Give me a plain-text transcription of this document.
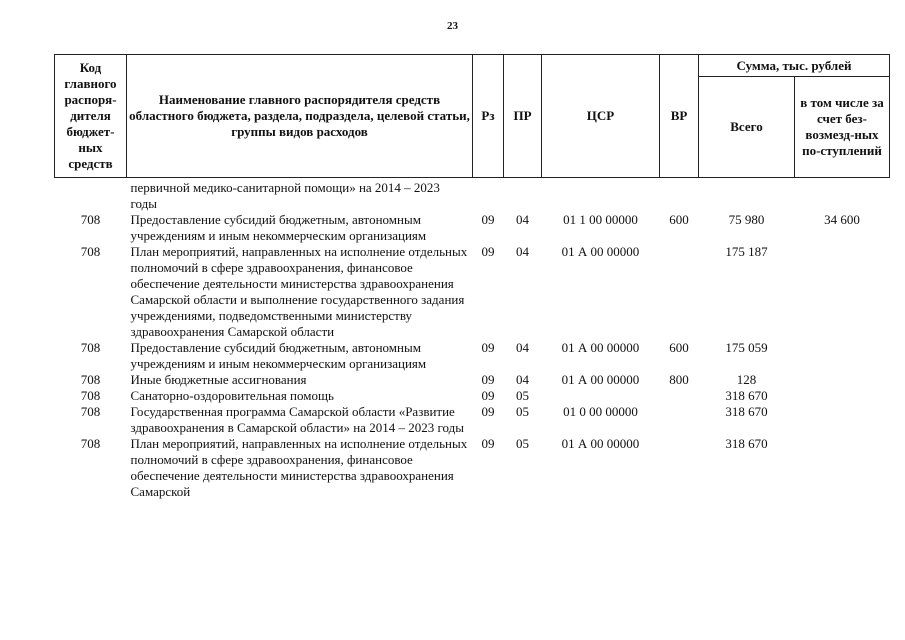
23
Код главного распоря-дителя бюджет-ных средств	Наименование главного распорядителя средств областного бюджета, раздела, подраздела, целевой статьи, группы видов расходов	Рз	ПР	ЦСР	ВР	Сумма, тыс. рублей	
						Всего	в том числе за счет без-возмезд-ных по-ступлений
	первичной медико-санитарной помощи» на 2014 – 2023 годы						
708	Предоставление субсидий бюджетным, автономным учреждениям и иным некоммерческим организациям	09	04	01 1 00 00000	600	75 980	34 600
708	План мероприятий, направленных на исполнение отдельных полномочий в сфере здравоохранения, финансовое обеспечение деятельности министерства здравоохранения Самарской области и выполнение государственного задания учреждениями, подведомственными министерству здравоохранения Самарской области	09	04	01 А 00 00000		175 187	
708	Предоставление субсидий бюджетным, автономным учреждениям и иным некоммерческим организациям	09	04	01 А 00 00000	600	175 059	
708	Иные бюджетные ассигнования	09	04	01 А 00 00000	800	128	
708	Санаторно-оздоровительная помощь	09	05			318 670	
708	Государственная программа Самарской области «Развитие здравоохранения в Самарской области» на 2014 – 2023 годы	09	05	01 0 00 00000		318 670	
708	План мероприятий, направленных на исполнение отдельных полномочий в сфере здравоохранения, финансовое обеспечение деятельности министерства здравоохранения Самарской	09	05	01 А 00 00000		318 670	
